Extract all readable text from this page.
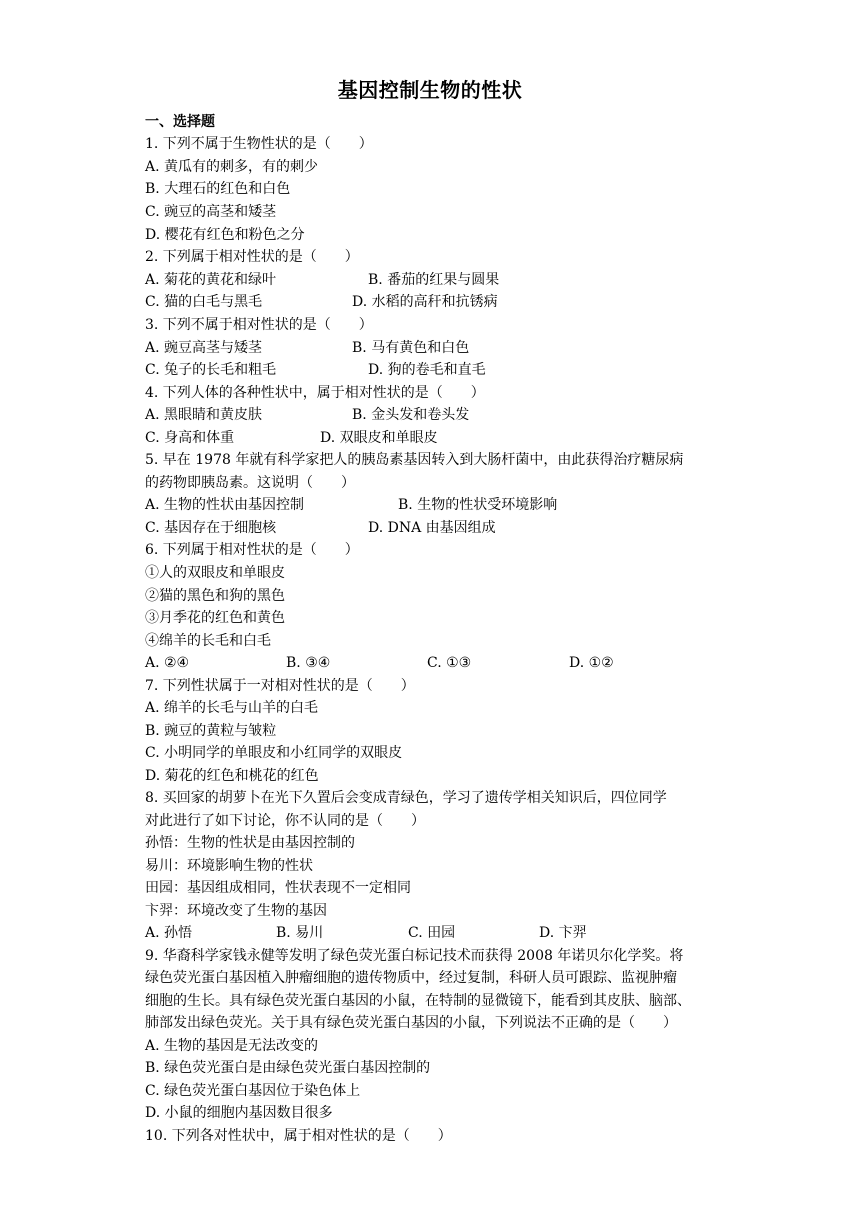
基因控制生物的性状
一、选择题
1. 下列不属于生物性状的是（　　）
A. 黄瓜有的刺多，有的刺少
B. 大理石的红色和白色
C. 豌豆的高茎和矮茎
D. 樱花有红色和粉色之分
2. 下列属于相对性状的是（　　）
A. 菊花的黄花和绿叶	B. 番茄的红果与圆果
C. 猫的白毛与黑毛	D. 水稻的高秆和抗锈病
3. 下列不属于相对性状的是（　　）
A. 豌豆高茎与矮茎	B. 马有黄色和白色
C. 兔子的长毛和粗毛	D. 狗的卷毛和直毛
4. 下列人体的各种性状中，属于相对性状的是（　　）
A. 黑眼睛和黄皮肤	B. 金头发和卷头发
C. 身高和体重	D. 双眼皮和单眼皮
5. 早在 1978 年就有科学家把人的胰岛素基因转入到大肠杆菌中，由此获得治疗糖尿病
的药物即胰岛素。这说明（　　）
A. 生物的性状由基因控制	B. 生物的性状受环境影响
C. 基因存在于细胞核	D. DNA 由基因组成
6. 下列属于相对性状的是（　　）
①人的双眼皮和单眼皮
②猫的黑色和狗的黑色
③月季花的红色和黄色
④绵羊的长毛和白毛
A. ②④	B. ③④	C. ①③	D. ①②
7. 下列性状属于一对相对性状的是（　　）
A. 绵羊的长毛与山羊的白毛
B. 豌豆的黄粒与皱粒
C. 小明同学的单眼皮和小红同学的双眼皮
D. 菊花的红色和桃花的红色
8. 买回家的胡萝卜在光下久置后会变成青绿色，学习了遗传学相关知识后，四位同学
对此进行了如下讨论，你不认同的是（　　）
孙悟：生物的性状是由基因控制的
易川：环境影响生物的性状
田园：基因组成相同，性状表现不一定相同
卞羿：环境改变了生物的基因
A. 孙悟	B. 易川	C. 田园	D. 卞羿
9. 华裔科学家钱永健等发明了绿色荧光蛋白标记技术而获得 2008 年诺贝尔化学奖。将
绿色荧光蛋白基因植入肿瘤细胞的遗传物质中，经过复制，科研人员可跟踪、监视肿瘤
细胞的生长。具有绿色荧光蛋白基因的小鼠，在特制的显微镜下，能看到其皮肤、脑部、
肺部发出绿色荧光。关于具有绿色荧光蛋白基因的小鼠，下列说法不正确的是（　　）
A. 生物的基因是无法改变的
B. 绿色荧光蛋白是由绿色荧光蛋白基因控制的
C. 绿色荧光蛋白基因位于染色体上
D. 小鼠的细胞内基因数目很多
10. 下列各对性状中，属于相对性状的是（　　）
